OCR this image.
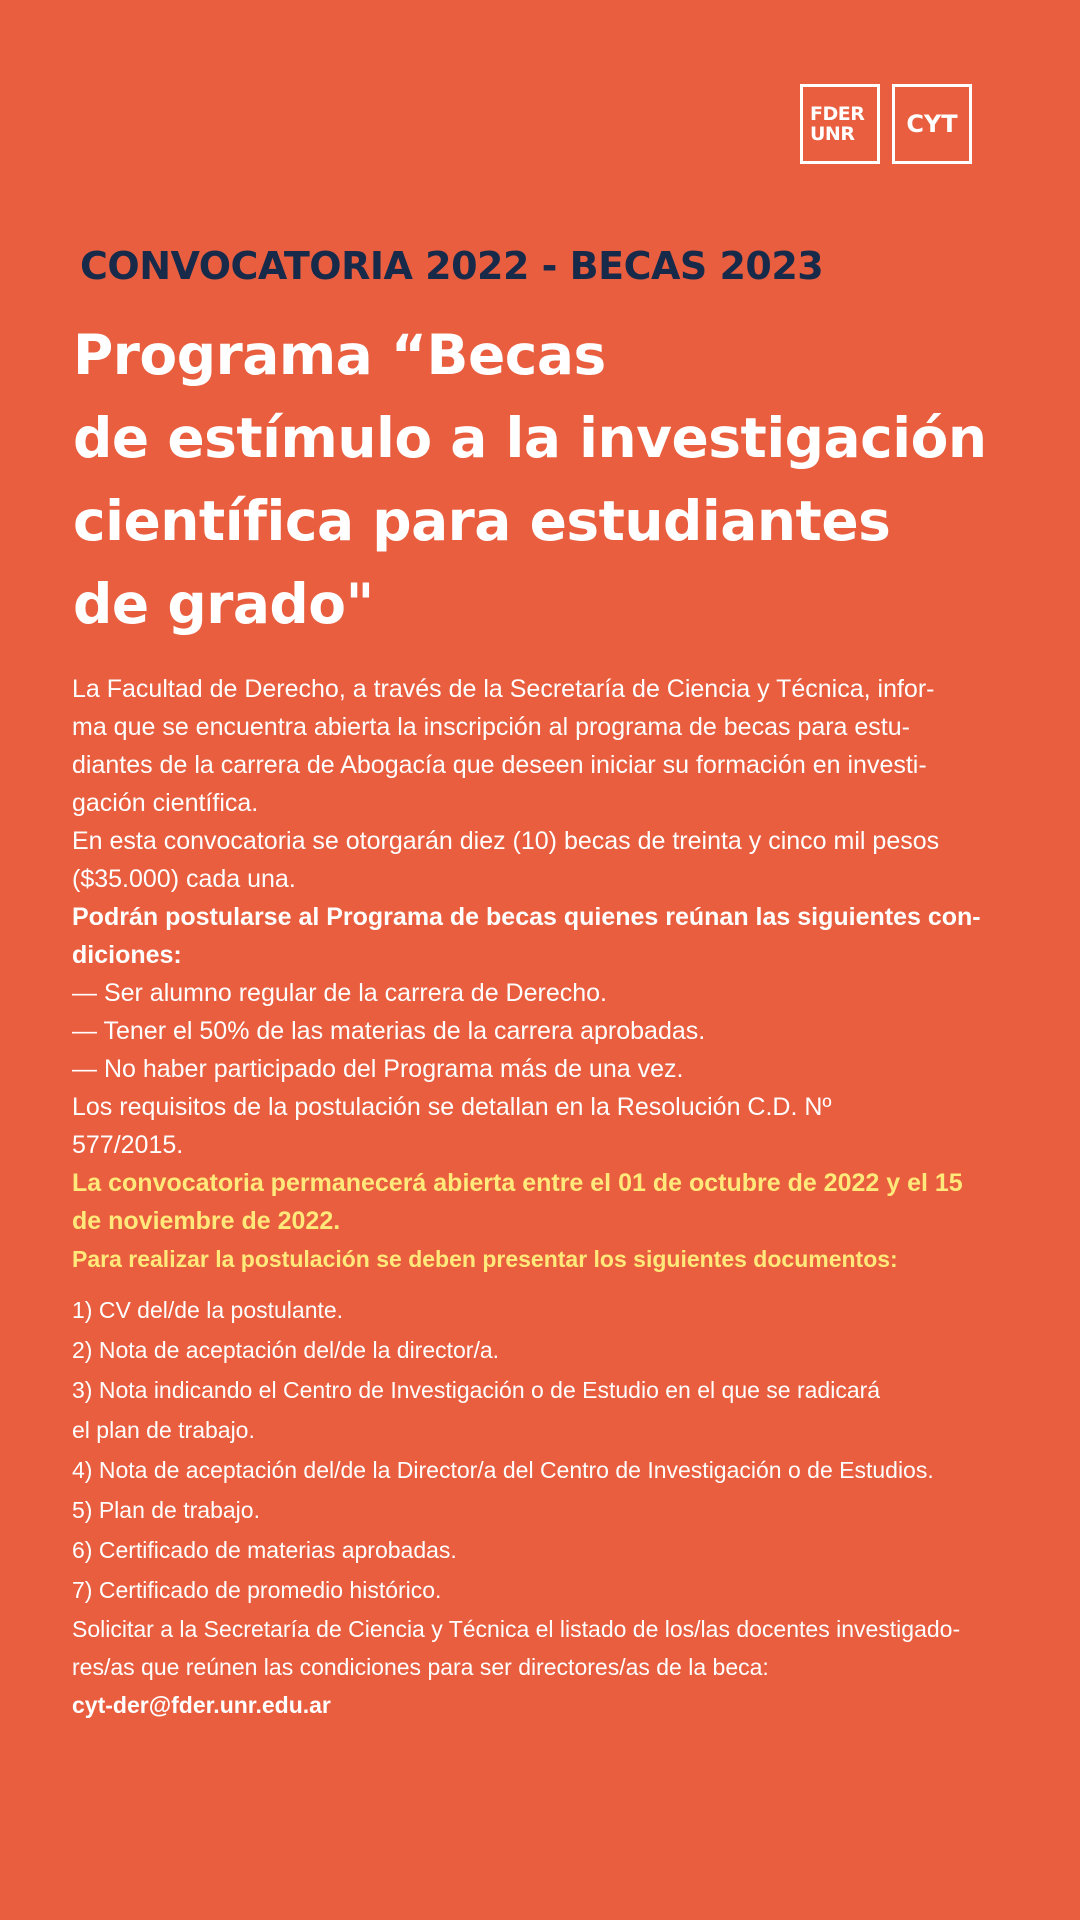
FDER
UNR	CYT
CONVOCATORIA 2022 - BECAS 2023
Programa “Becas
de estímulo a la investigación
científica para estudiantes
de grado"

La Facultad de Derecho, a través de la Secretaría de Ciencia y Técnica, infor-
ma que se encuentra abierta la inscripción al programa de becas para estu-
diantes de la carrera de Abogacía que deseen iniciar su formación en investi-
gación científica.

En esta convocatoria se otorgarán diez (10) becas de treinta y cinco mil pesos
($35.000) cada una.

Podrán postularse al Programa de becas quienes reúnan las siguientes con-
diciones:

— Ser alumno regular de la carrera de Derecho.
— Tener el 50% de las materias de la carrera aprobadas.
— No haber participado del Programa más de una vez.

Los requisitos de la postulación se detallan en la Resolución C.D. Nº
577/2015.

La convocatoria permanecerá abierta entre el 01 de octubre de 2022 y el 15
de noviembre de 2022.

Para realizar la postulación se deben presentar los siguientes documentos:

1) CV del/de la postulante.
2) Nota de aceptación del/de la director/a.
3) Nota indicando el Centro de Investigación o de Estudio en el que se radicará
el plan de trabajo.
4) Nota de aceptación del/de la Director/a del Centro de Investigación o de Estudios.
5) Plan de trabajo.
6) Certificado de materias aprobadas.
7) Certificado de promedio histórico.

Solicitar a la Secretaría de Ciencia y Técnica el listado de los/las docentes investigado-
res/as que reúnen las condiciones para ser directores/as de la beca:
cyt-der@fder.unr.edu.ar
